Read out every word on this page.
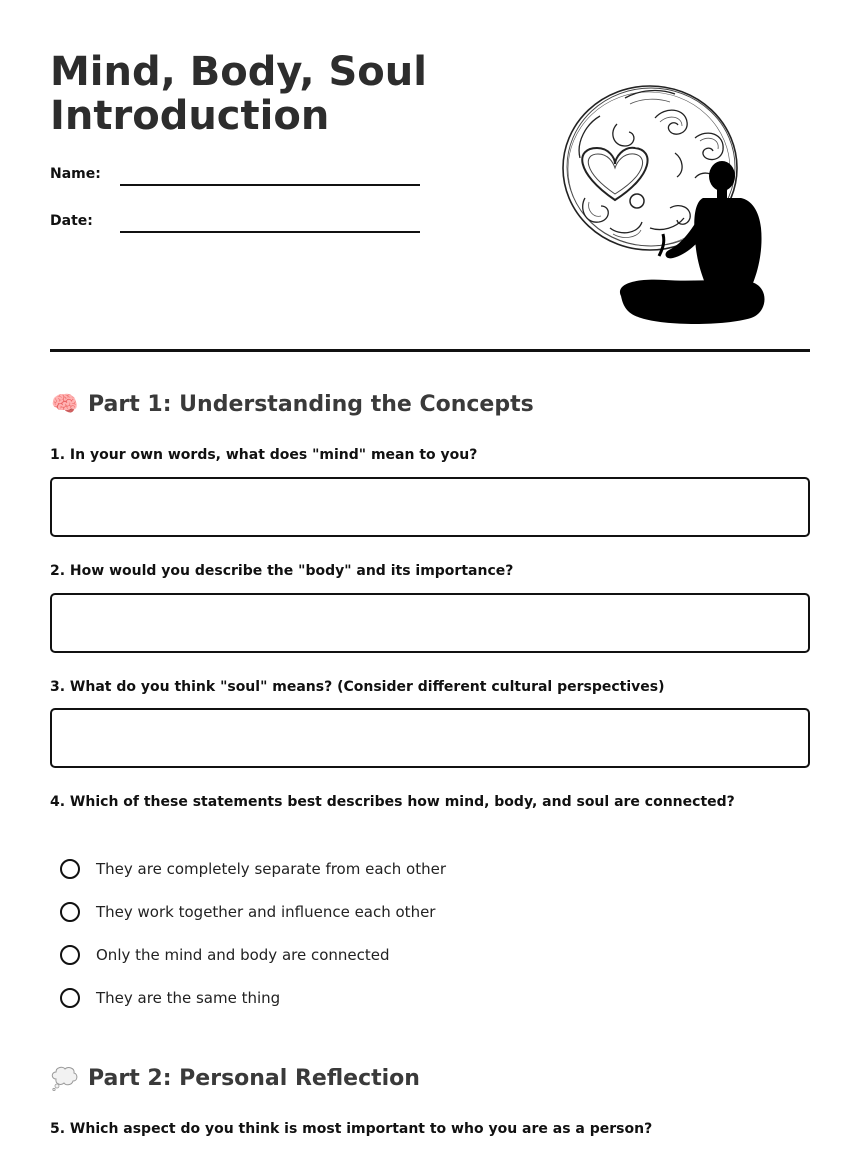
Mind, Body, Soul
Introduction
Name:
Date:
🧠 Part 1: Understanding the Concepts
1. In your own words, what does "mind" mean to you?
2. How would you describe the "body" and its importance?
3. What do you think "soul" means? (Consider different cultural perspectives)
4. Which of these statements best describes how mind, body, and soul are connected?
They are completely separate from each other
They work together and influence each other
Only the mind and body are connected
They are the same thing
Part 2: Personal Reflection
5. Which aspect do you think is most important to who you are as a person?
